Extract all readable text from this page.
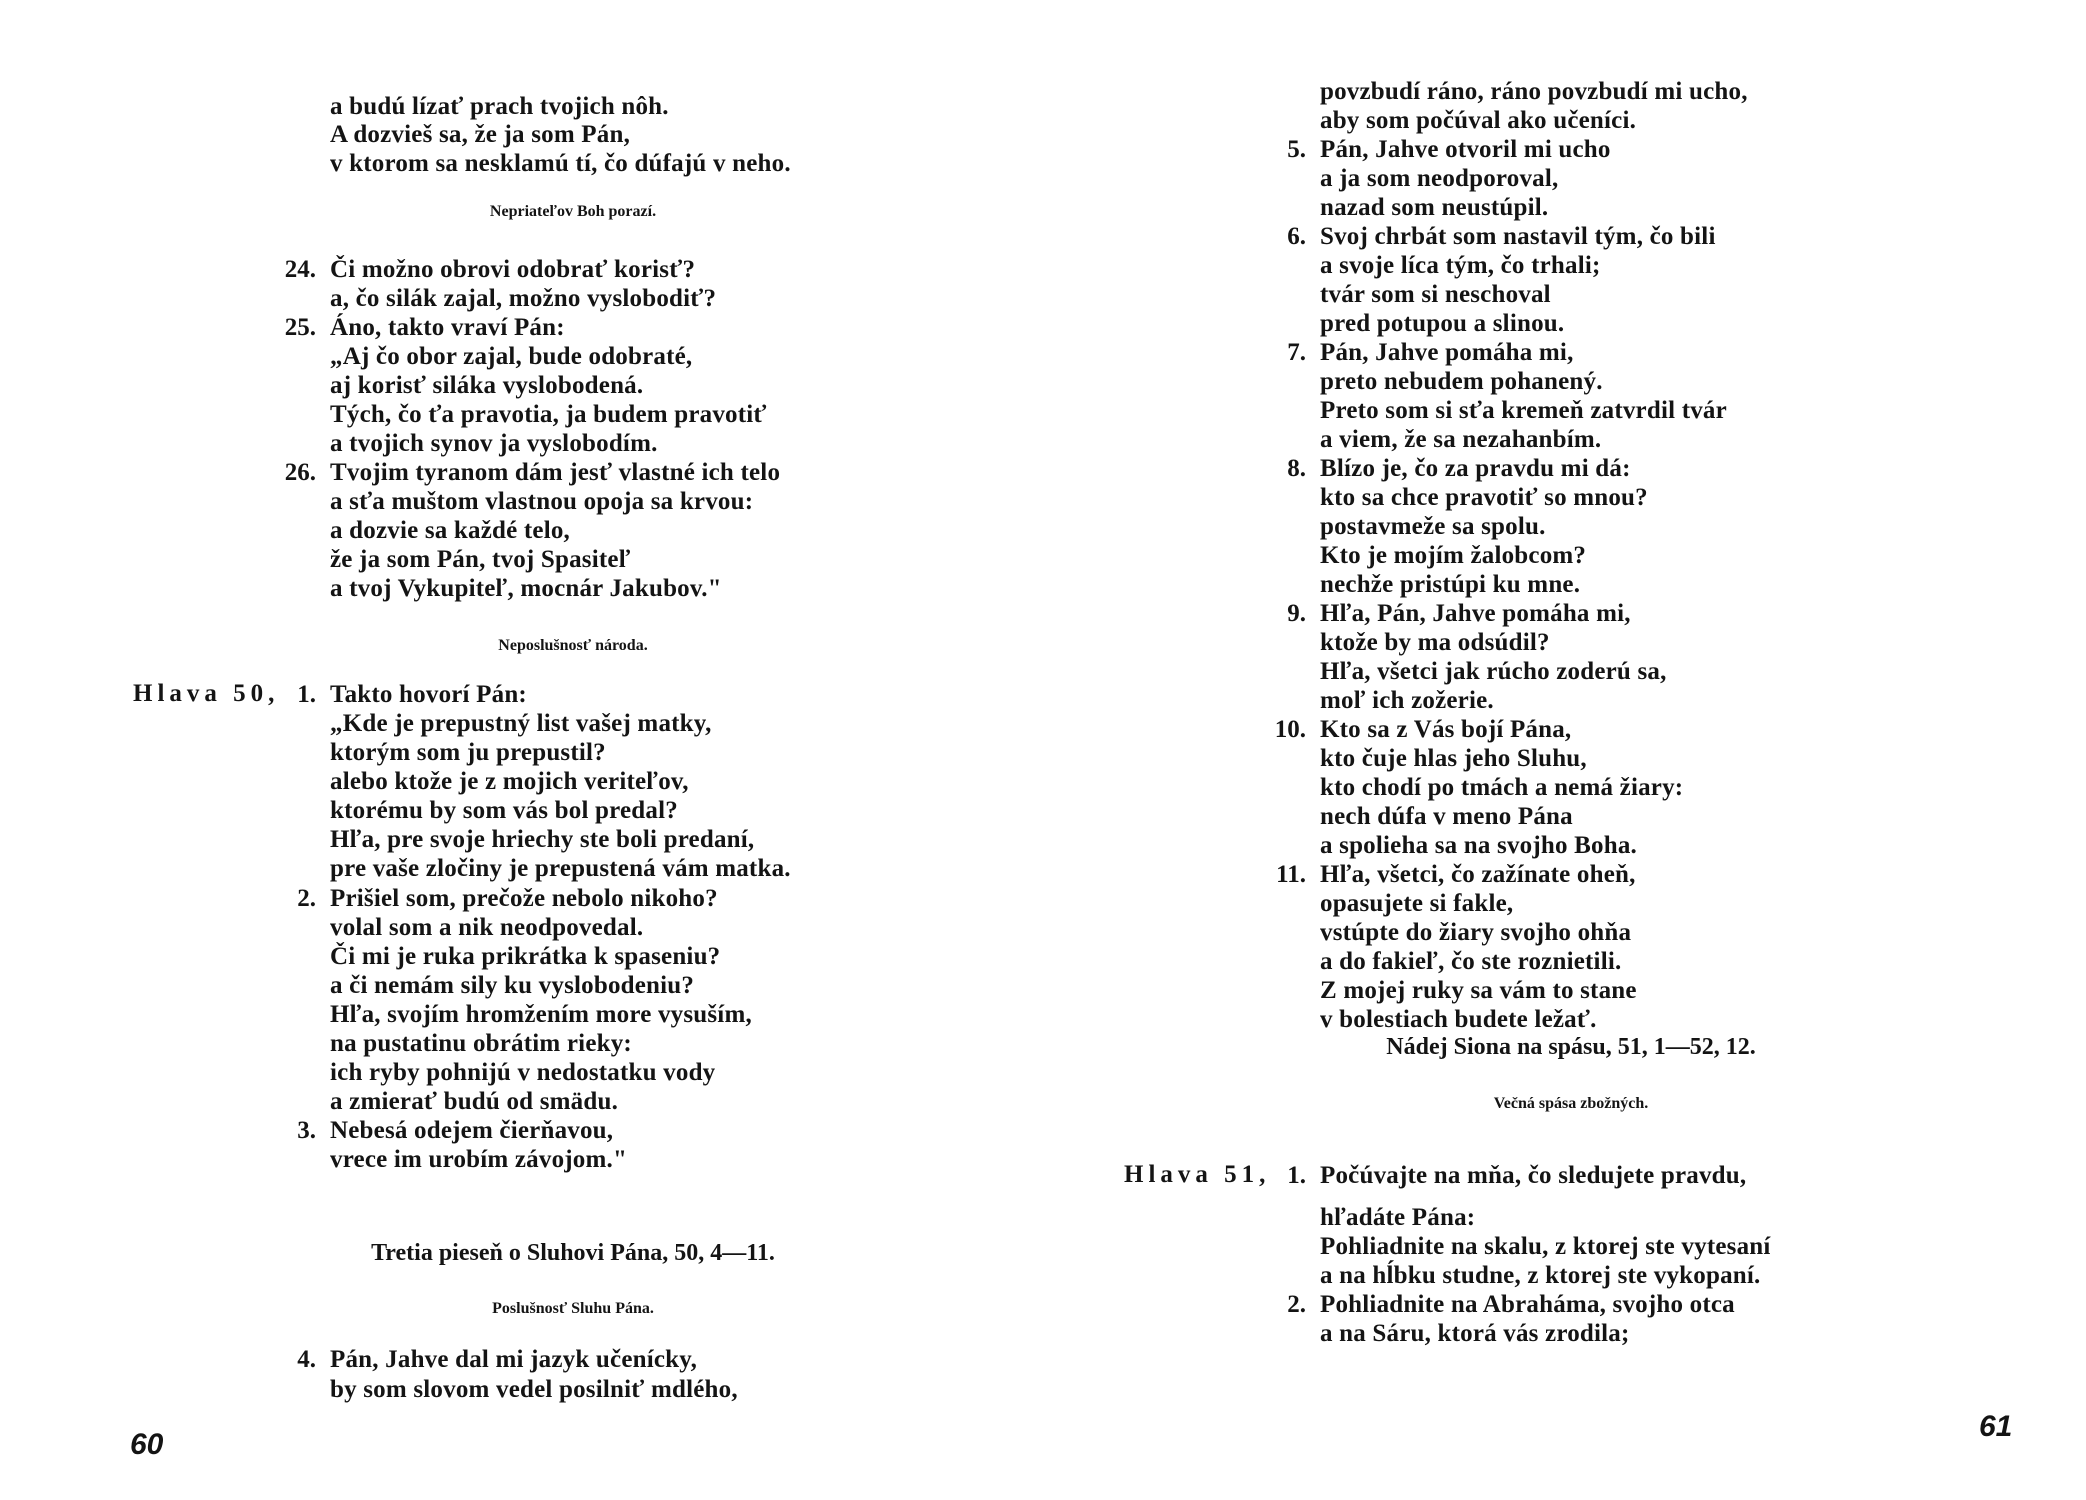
60
a budú lízať prach tvojich nôh.
A dozvieš sa, že ja som Pán,
v ktorom sa nesklamú tí, čo dúfajú v neho.
Nepriateľov Boh porazí.
24. Či možno obrovi odobrať korisť?
a, čo silák zajal, možno vyslobodiť?
25. Áno, takto vraví Pán:
„Aj čo obor zajal, bude odobraté,
aj korisť siláka vyslobodená.
Tých, čo ťa pravotia, ja budem pravotiť
a tvojich synov ja vyslobodím.
26. Tvojim tyranom dám jesť vlastné ich telo
a sťa muštom vlastnou opoja sa krvou:
a dozvie sa každé telo,
že ja som Pán, tvoj Spasiteľ
a tvoj Vykupiteľ, mocnár Jakubov."
Neposlušnosť národa.
Hlava 50, 1. Takto hovorí Pán:
„Kde je prepustný list vašej matky,
ktorým som ju prepustil?
alebo ktože je z mojich veriteľov,
ktorému by som vás bol predal?
Hľa, pre svoje hriechy ste boli predaní,
pre vaše zločiny je prepustená vám matka.
2. Prišiel som, prečože nebolo nikoho?
volal som a nik neodpovedal.
Či mi je ruka prikrátka k spaseniu?
a či nemám sily ku vyslobodeniu?
Hľa, svojím hromžením more vysuším,
na pustatinu obrátim rieky:
ich ryby pohnijú v nedostatku vody
a zmierať budú od smädu.
3. Nebesá odejem čierňavou,
vrece im urobím závojom."
Tretia pieseň o Sluhovi Pána, 50, 4—11.
Poslušnosť Sluhu Pána.
4. Pán, Jahve dal mi jazyk učenícky,
by som slovom vedel posilniť mdlého,
61
povzbudí ráno, ráno povzbudí mi ucho,
aby som počúval ako učeníci.
5. Pán, Jahve otvoril mi ucho
a ja som neodporoval,
nazad som neustúpil.
6. Svoj chrbát som nastavil tým, čo bili
a svoje líca tým, čo trhali;
tvár som si neschoval
pred potupou a slinou.
7. Pán, Jahve pomáha mi,
preto nebudem pohanený.
Preto som si sťa kremeň zatvrdil tvár
a viem, že sa nezahanbím.
8. Blízo je, čo za pravdu mi dá:
kto sa chce pravotiť so mnou?
postavmeže sa spolu.
Kto je mojím žalobcom?
nechže pristúpi ku mne.
9. Hľa, Pán, Jahve pomáha mi,
ktože by ma odsúdil?
Hľa, všetci jak rúcho zoderú sa,
moľ ich zožerie.
10. Kto sa z Vás bojí Pána,
kto čuje hlas jeho Sluhu,
kto chodí po tmách a nemá žiary:
nech dúfa v meno Pána
a spolieha sa na svojho Boha.
11. Hľa, všetci, čo zažínate oheň,
opasujete si fakle,
vstúpte do žiary svojho ohňa
a do fakieľ, čo ste roznietili.
Z mojej ruky sa vám to stane
v bolestiach budete ležať.
Nádej Siona na spásu, 51, 1—52, 12.
Večná spása zbožných.
Hlava 51, 1. Počúvajte na mňa, čo sledujete pravdu,
hľadáte Pána:
Pohliadnite na skalu, z ktorej ste vytesaní
a na hĺbku studne, z ktorej ste vykopaní.
2. Pohliadnite na Abraháma, svojho otca
a na Sáru, ktorá vás zrodila;
